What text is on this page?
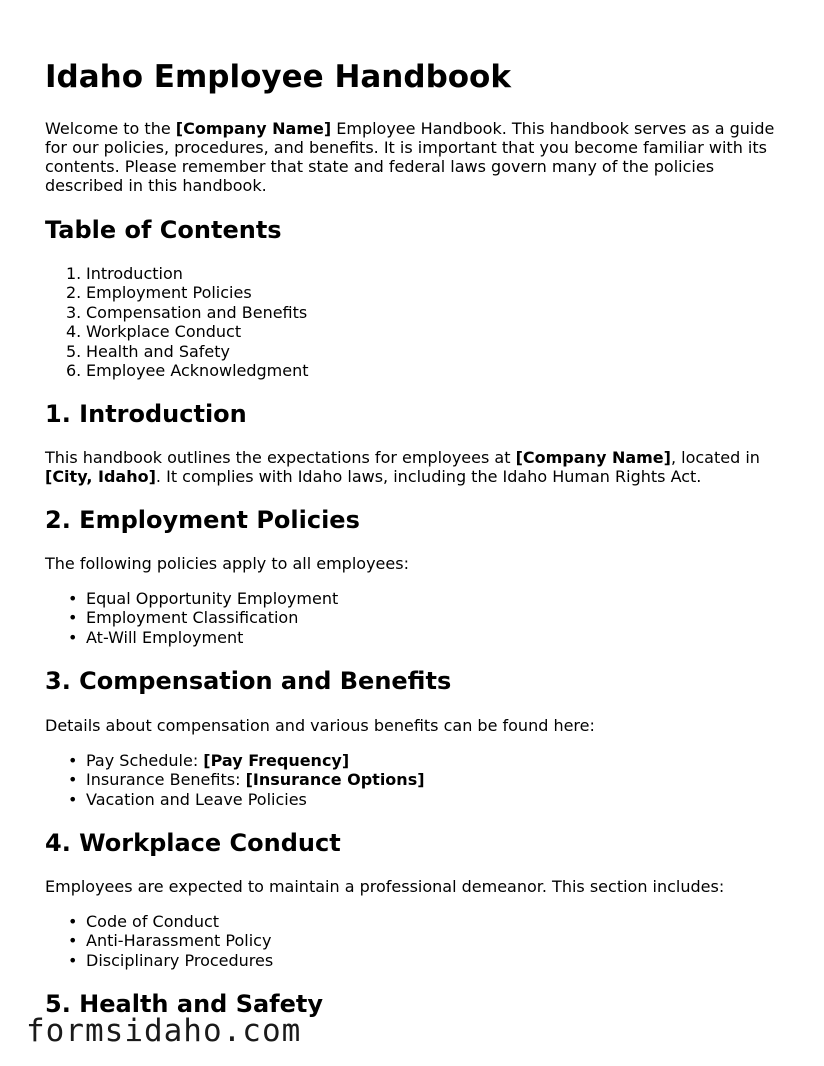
Idaho Employee Handbook

Welcome to the [Company Name] Employee Handbook. This handbook serves as a guide for our policies, procedures, and benefits. It is important that you become familiar with its contents. Please remember that state and federal laws govern many of the policies described in this handbook.

Table of Contents
1. Introduction
2. Employment Policies
3. Compensation and Benefits
4. Workplace Conduct
5. Health and Safety
6. Employee Acknowledgment
1. Introduction

This handbook outlines the expectations for employees at [Company Name], located in [City, Idaho]. It complies with Idaho laws, including the Idaho Human Rights Act.

2. Employment Policies

The following policies apply to all employees:

• Equal Opportunity Employment
• Employment Classification
• At-Will Employment
3. Compensation and Benefits

Details about compensation and various benefits can be found here:

• Pay Schedule: [Pay Frequency]
• Insurance Benefits: [Insurance Options]
• Vacation and Leave Policies
4. Workplace Conduct

Employees are expected to maintain a professional demeanor. This section includes:

• Code of Conduct
• Anti-Harassment Policy
• Disciplinary Procedures
5. Health and Safety
formsidaho.com
